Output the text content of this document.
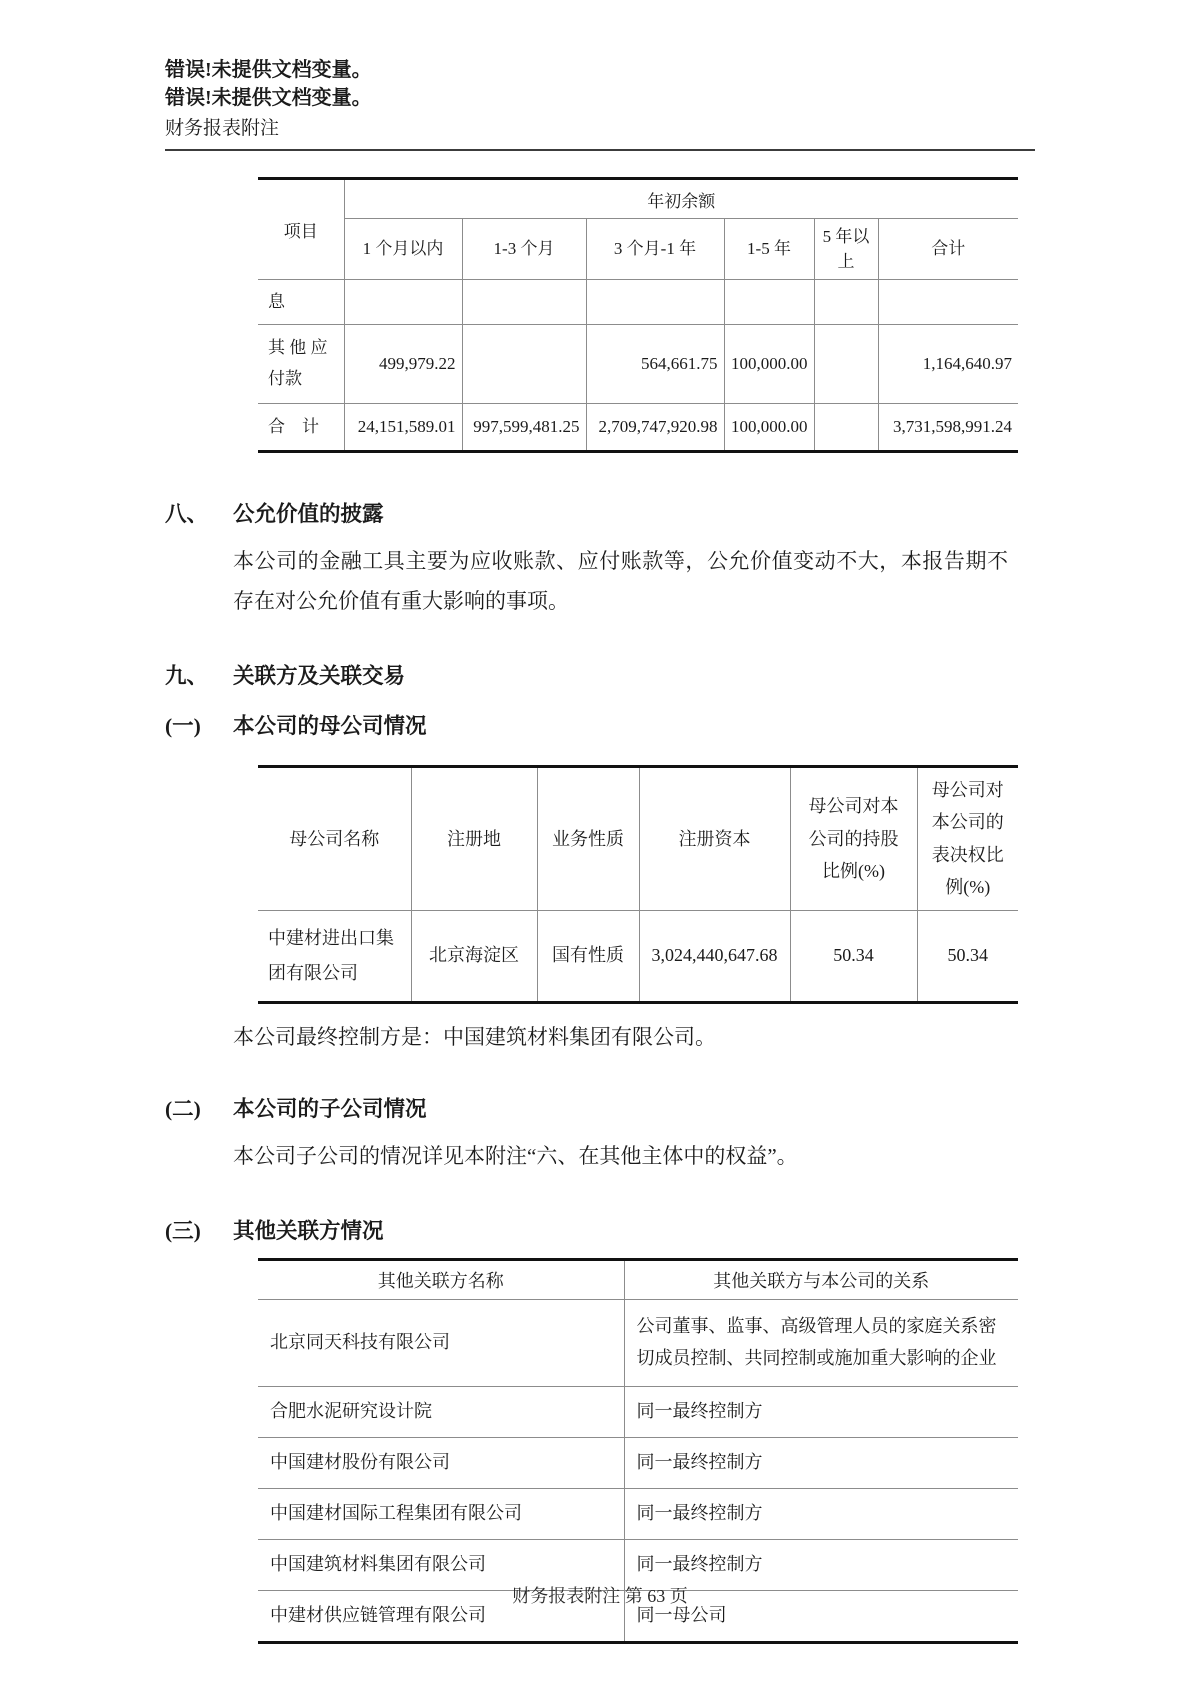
错误!未提供文档变量。
错误!未提供文档变量。
财务报表附注
项目	年初余额					
	1 个月以内	1-3 个月	3 个月-1 年	1-5 年	5 年以上	合计
息						
其 他 应 付款	499,979.22		564,661.75	100,000.00		1,164,640.97
合　计	24,151,589.01	997,599,481.25	2,709,747,920.98	100,000.00		3,731,598,991.24
八、	公允价值的披露
本公司的金融工具主要为应收账款、应付账款等，公允价值变动不大，本报告期不存在对公允价值有重大影响的事项。
九、	关联方及关联交易
(一)	本公司的母公司情况
母公司名称	注册地	业务性质	注册资本	母公司对本公司的持股比例(%)	母公司对本公司的表决权比例(%)
中建材进出口集团有限公司	北京海淀区	国有性质	3,024,440,647.68	50.34	50.34
本公司最终控制方是：中国建筑材料集团有限公司。
(二)	本公司的子公司情况
本公司子公司的情况详见本附注“六、在其他主体中的权益”。
(三)	其他关联方情况
其他关联方名称	其他关联方与本公司的关系
北京同天科技有限公司	公司董事、监事、高级管理人员的家庭关系密切成员控制、共同控制或施加重大影响的企业
合肥水泥研究设计院	同一最终控制方
中国建材股份有限公司	同一最终控制方
中国建材国际工程集团有限公司	同一最终控制方
中国建筑材料集团有限公司	同一最终控制方
中建材供应链管理有限公司	同一母公司
财务报表附注 第 63 页
